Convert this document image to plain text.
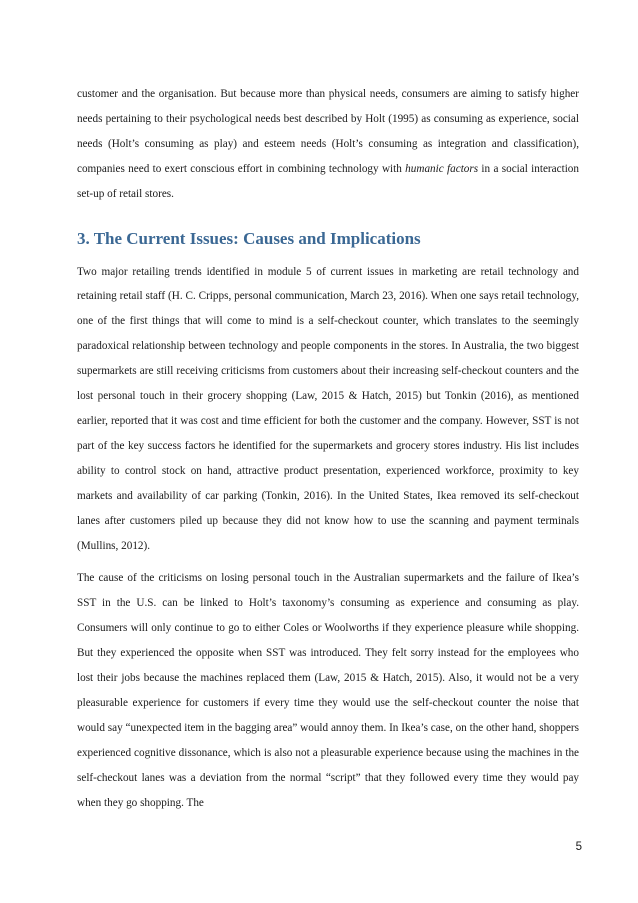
customer and the organisation. But because more than physical needs, consumers are aiming to satisfy higher needs pertaining to their psychological needs best described by Holt (1995) as consuming as experience, social needs (Holt’s consuming as play) and esteem needs (Holt’s consuming as integration and classification), companies need to exert conscious effort in combining technology with humanic factors in a social interaction set-up of retail stores.

3. The Current Issues: Causes and Implications

Two major retailing trends identified in module 5 of current issues in marketing are retail technology and retaining retail staff (H. C. Cripps, personal communication, March 23, 2016). When one says retail technology, one of the first things that will come to mind is a self-checkout counter, which translates to the seemingly paradoxical relationship between technology and people components in the stores. In Australia, the two biggest supermarkets are still receiving criticisms from customers about their increasing self-checkout counters and the lost personal touch in their grocery shopping (Law, 2015 & Hatch, 2015) but Tonkin (2016), as mentioned earlier, reported that it was cost and time efficient for both the customer and the company. However, SST is not part of the key success factors he identified for the supermarkets and grocery stores industry. His list includes ability to control stock on hand, attractive product presentation, experienced workforce, proximity to key markets and availability of car parking (Tonkin, 2016). In the United States, Ikea removed its self-checkout lanes after customers piled up because they did not know how to use the scanning and payment terminals (Mullins, 2012).

The cause of the criticisms on losing personal touch in the Australian supermarkets and the failure of Ikea’s SST in the U.S. can be linked to Holt’s taxonomy’s consuming as experience and consuming as play. Consumers will only continue to go to either Coles or Woolworths if they experience pleasure while shopping. But they experienced the opposite when SST was introduced. They felt sorry instead for the employees who lost their jobs because the machines replaced them (Law, 2015 & Hatch, 2015). Also, it would not be a very pleasurable experience for customers if every time they would use the self-checkout counter the noise that would say “unexpected item in the bagging area” would annoy them. In Ikea’s case, on the other hand, shoppers experienced cognitive dissonance, which is also not a pleasurable experience because using the machines in the self-checkout lanes was a deviation from the normal “script” that they followed every time they would pay when they go shopping. The

5
